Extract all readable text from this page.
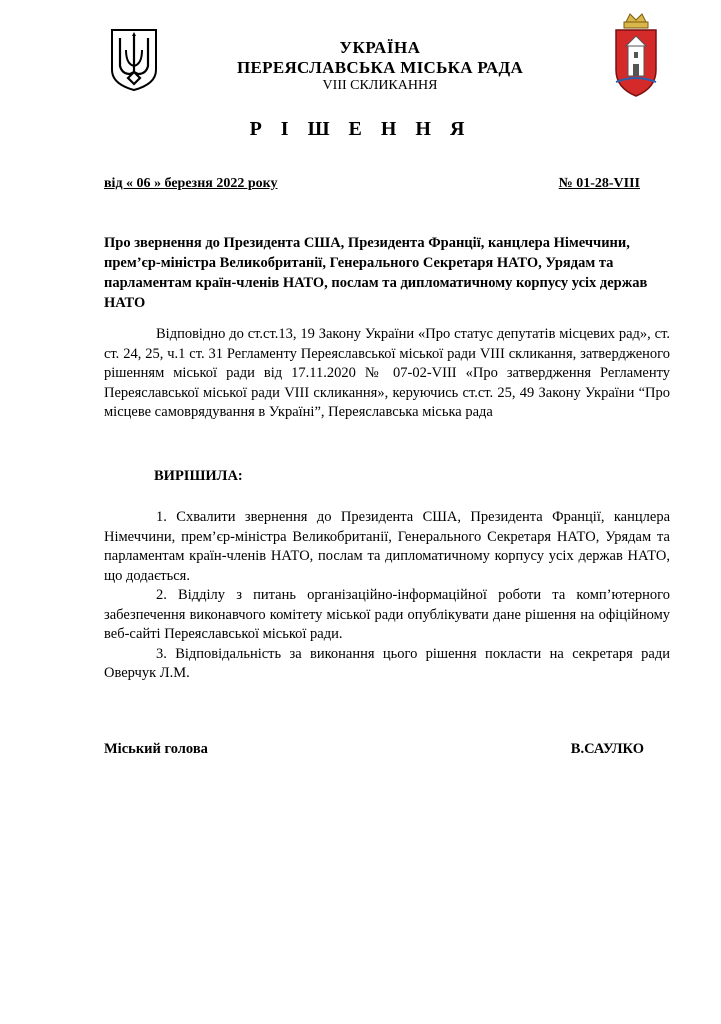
УКРАЇНА
ПЕРЕЯСЛАВСЬКА МІСЬКА РАДА
VIII СКЛИКАННЯ
Р І Ш Е Н Н Я
від « 06 » березня 2022 року	№ 01-28-VIII
Про звернення до Президента США, Президента Франції, канцлера Німеччини, прем’єр-міністра Великобританії, Генерального Секретаря НАТО, Урядам та парламентам країн-членів НАТО, послам та дипломатичному корпусу усіх держав НАТО
Відповідно до ст.ст.13, 19 Закону України «Про статус депутатів місцевих рад», ст. ст. 24, 25, ч.1 ст. 31 Регламенту Переяславської міської ради VIII скликання, затвердженого рішенням міської ради від 17.11.2020 № 07-02-VIII «Про затвердження Регламенту Переяславської міської ради VIII скликання», керуючись ст.ст. 25, 49 Закону України “Про місцеве самоврядування в Україні”, Переяславська міська рада
ВИРІШИЛА:

1. Схвалити звернення до Президента США, Президента Франції, канцлера Німеччини, прем’єр-міністра Великобританії, Генерального Секретаря НАТО, Урядам та парламентам країн-членів НАТО, послам та дипломатичному корпусу усіх держав НАТО, що додається.

2. Відділу з питань організаційно-інформаційної роботи та комп’ютерного забезпечення виконавчого комітету міської ради опублікувати дане рішення на офіційному веб-сайті Переяславської міської ради.

3. Відповідальність за виконання цього рішення покласти на секретаря ради Оверчук Л.М.

Міський голова	В.САУЛКО
